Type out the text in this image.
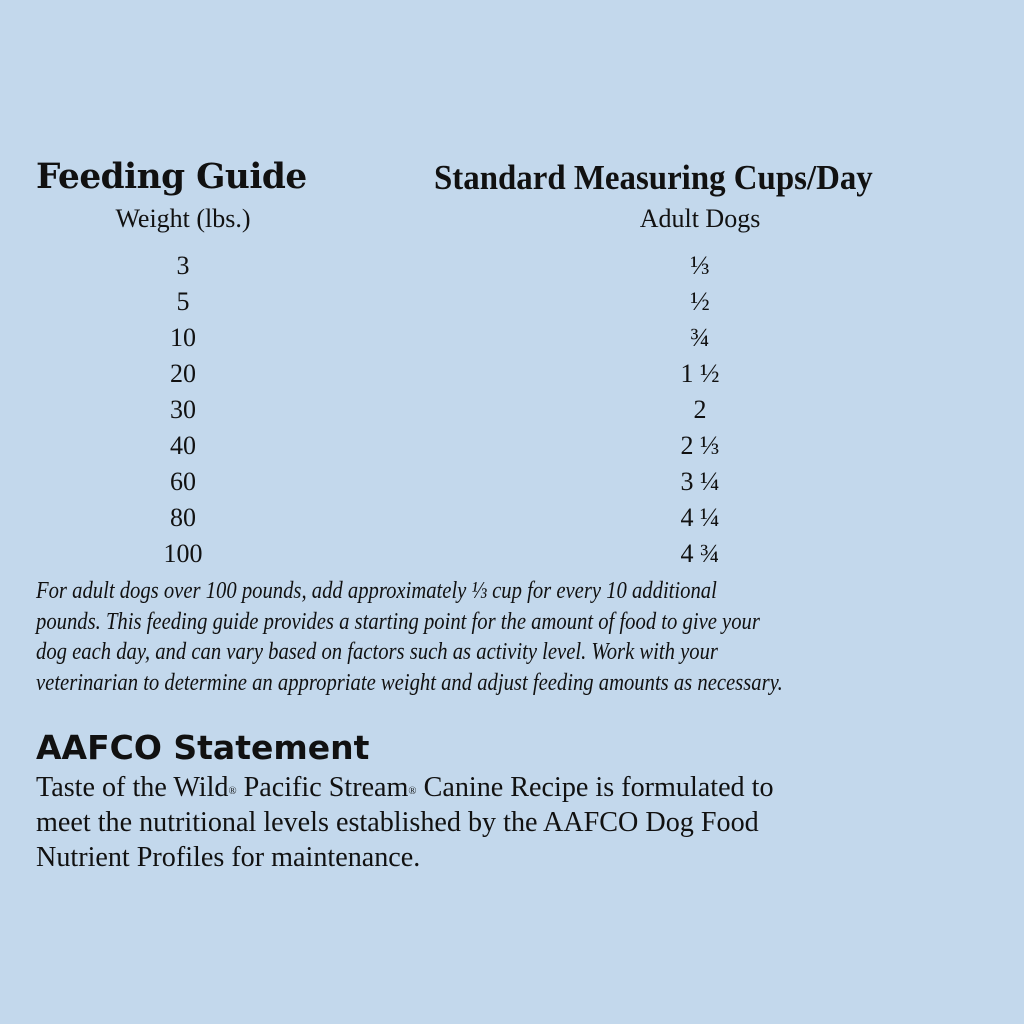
Feeding Guide	Standard Measuring Cups/Day
Weight (lbs.)	Adult Dogs
3
5
10
20
30
40
60
80
100
⅓
½
¾
1 ½
2
2 ⅓
3 ¼
4 ¼
4 ¾
For adult dogs over 100 pounds, add approximately ⅓ cup for every 10 additional
pounds. This feeding guide provides a starting point for the amount of food to give your
dog each day, and can vary based on factors such as activity level. Work with your
veterinarian to determine an appropriate weight and adjust feeding amounts as necessary.
AAFCO Statement
Taste of the Wild® Pacific Stream® Canine Recipe is formulated to
meet the nutritional levels established by the AAFCO Dog Food
Nutrient Profiles for maintenance.
